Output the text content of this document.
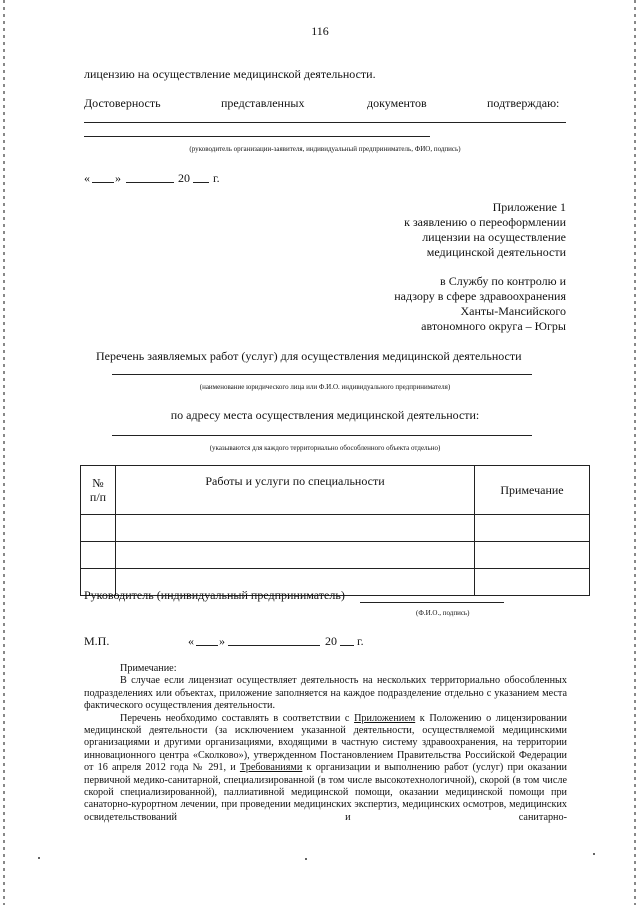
116
лицензию на осуществление медицинской деятельности.
Достоверность	представленных	документов	подтверждаю:
(руководитель организации-заявителя, индивидуальный предприниматель, ФИО, подпись)
« »	20 г.
Приложение 1
к заявлению о переоформлении
лицензии на осуществление
медицинской деятельности
в Службу по контролю и
надзору в сфере здравоохранения
Ханты-Мансийского
автономного округа – Югры
Перечень заявляемых работ (услуг) для осуществления медицинской деятельности
(наименование юридического лица или Ф.И.О. индивидуального предпринимателя)
по адресу места осуществления медицинской деятельности:
(указываются для каждого территориально обособленного объекта отдельно)
№
п/п	Работы и услуги по специальности	Примечание

Руководитель (индивидуальный предприниматель)
(Ф.И.О., подпись)
М.П.	« »	20 г.

Примечание:

В случае если лицензиат осуществляет деятельность на нескольких территориально обособленных подразделениях или объектах, приложение заполняется на каждое подразделение отдельно с указанием места фактического осуществления деятельности.

Перечень необходимо составлять в соответствии с Приложением к Положению о лицензировании медицинской деятельности (за исключением указанной деятельности, осуществляемой медицинскими организациями и другими организациями, входящими в частную систему здравоохранения, на территории инновационного центра «Сколково»), утвержденном Постановлением Правительства Российской Федерации от 16 апреля 2012 года № 291, и Требованиями к организации и выполнению работ (услуг) при оказании первичной медико-санитарной, специализированной (в том числе высокотехнологичной), скорой (в том числе скорой специализированной), паллиативной медицинской помощи, оказании медицинской помощи при санаторно-курортном лечении, при проведении медицинских экспертиз, медицинских осмотров, медицинских освидетельствований и санитарно-
